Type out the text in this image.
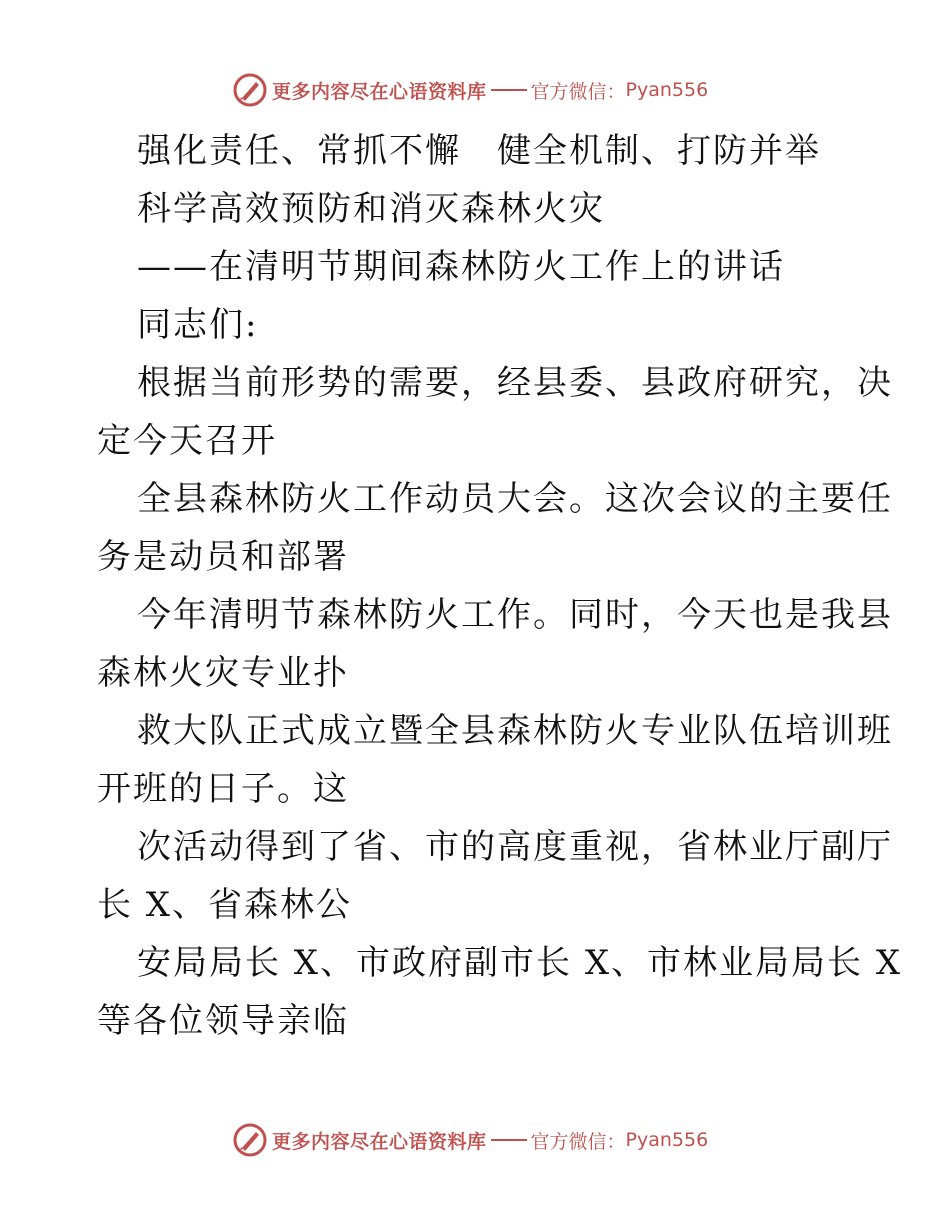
更多内容尽在心语资料库 官方微信： Pyan556
强化责任、常抓不懈　健全机制、打防并举
科学高效预防和消灭森林火灾
——在清明节期间森林防火工作上的讲话
同志们:
根据当前形势的需要，经县委、县政府研究，决
定今天召开
全县森林防火工作动员大会。这次会议的主要任
务是动员和部署
今年清明节森林防火工作。同时，今天也是我县
森林火灾专业扑
救大队正式成立暨全县森林防火专业队伍培训班
开班的日子。这
次活动得到了省、市的高度重视，省林业厅副厅
长 X、省森林公
安局局长 X、市政府副市长 X、市林业局局长 X
等各位领导亲临
更多内容尽在心语资料库 官方微信： Pyan556
